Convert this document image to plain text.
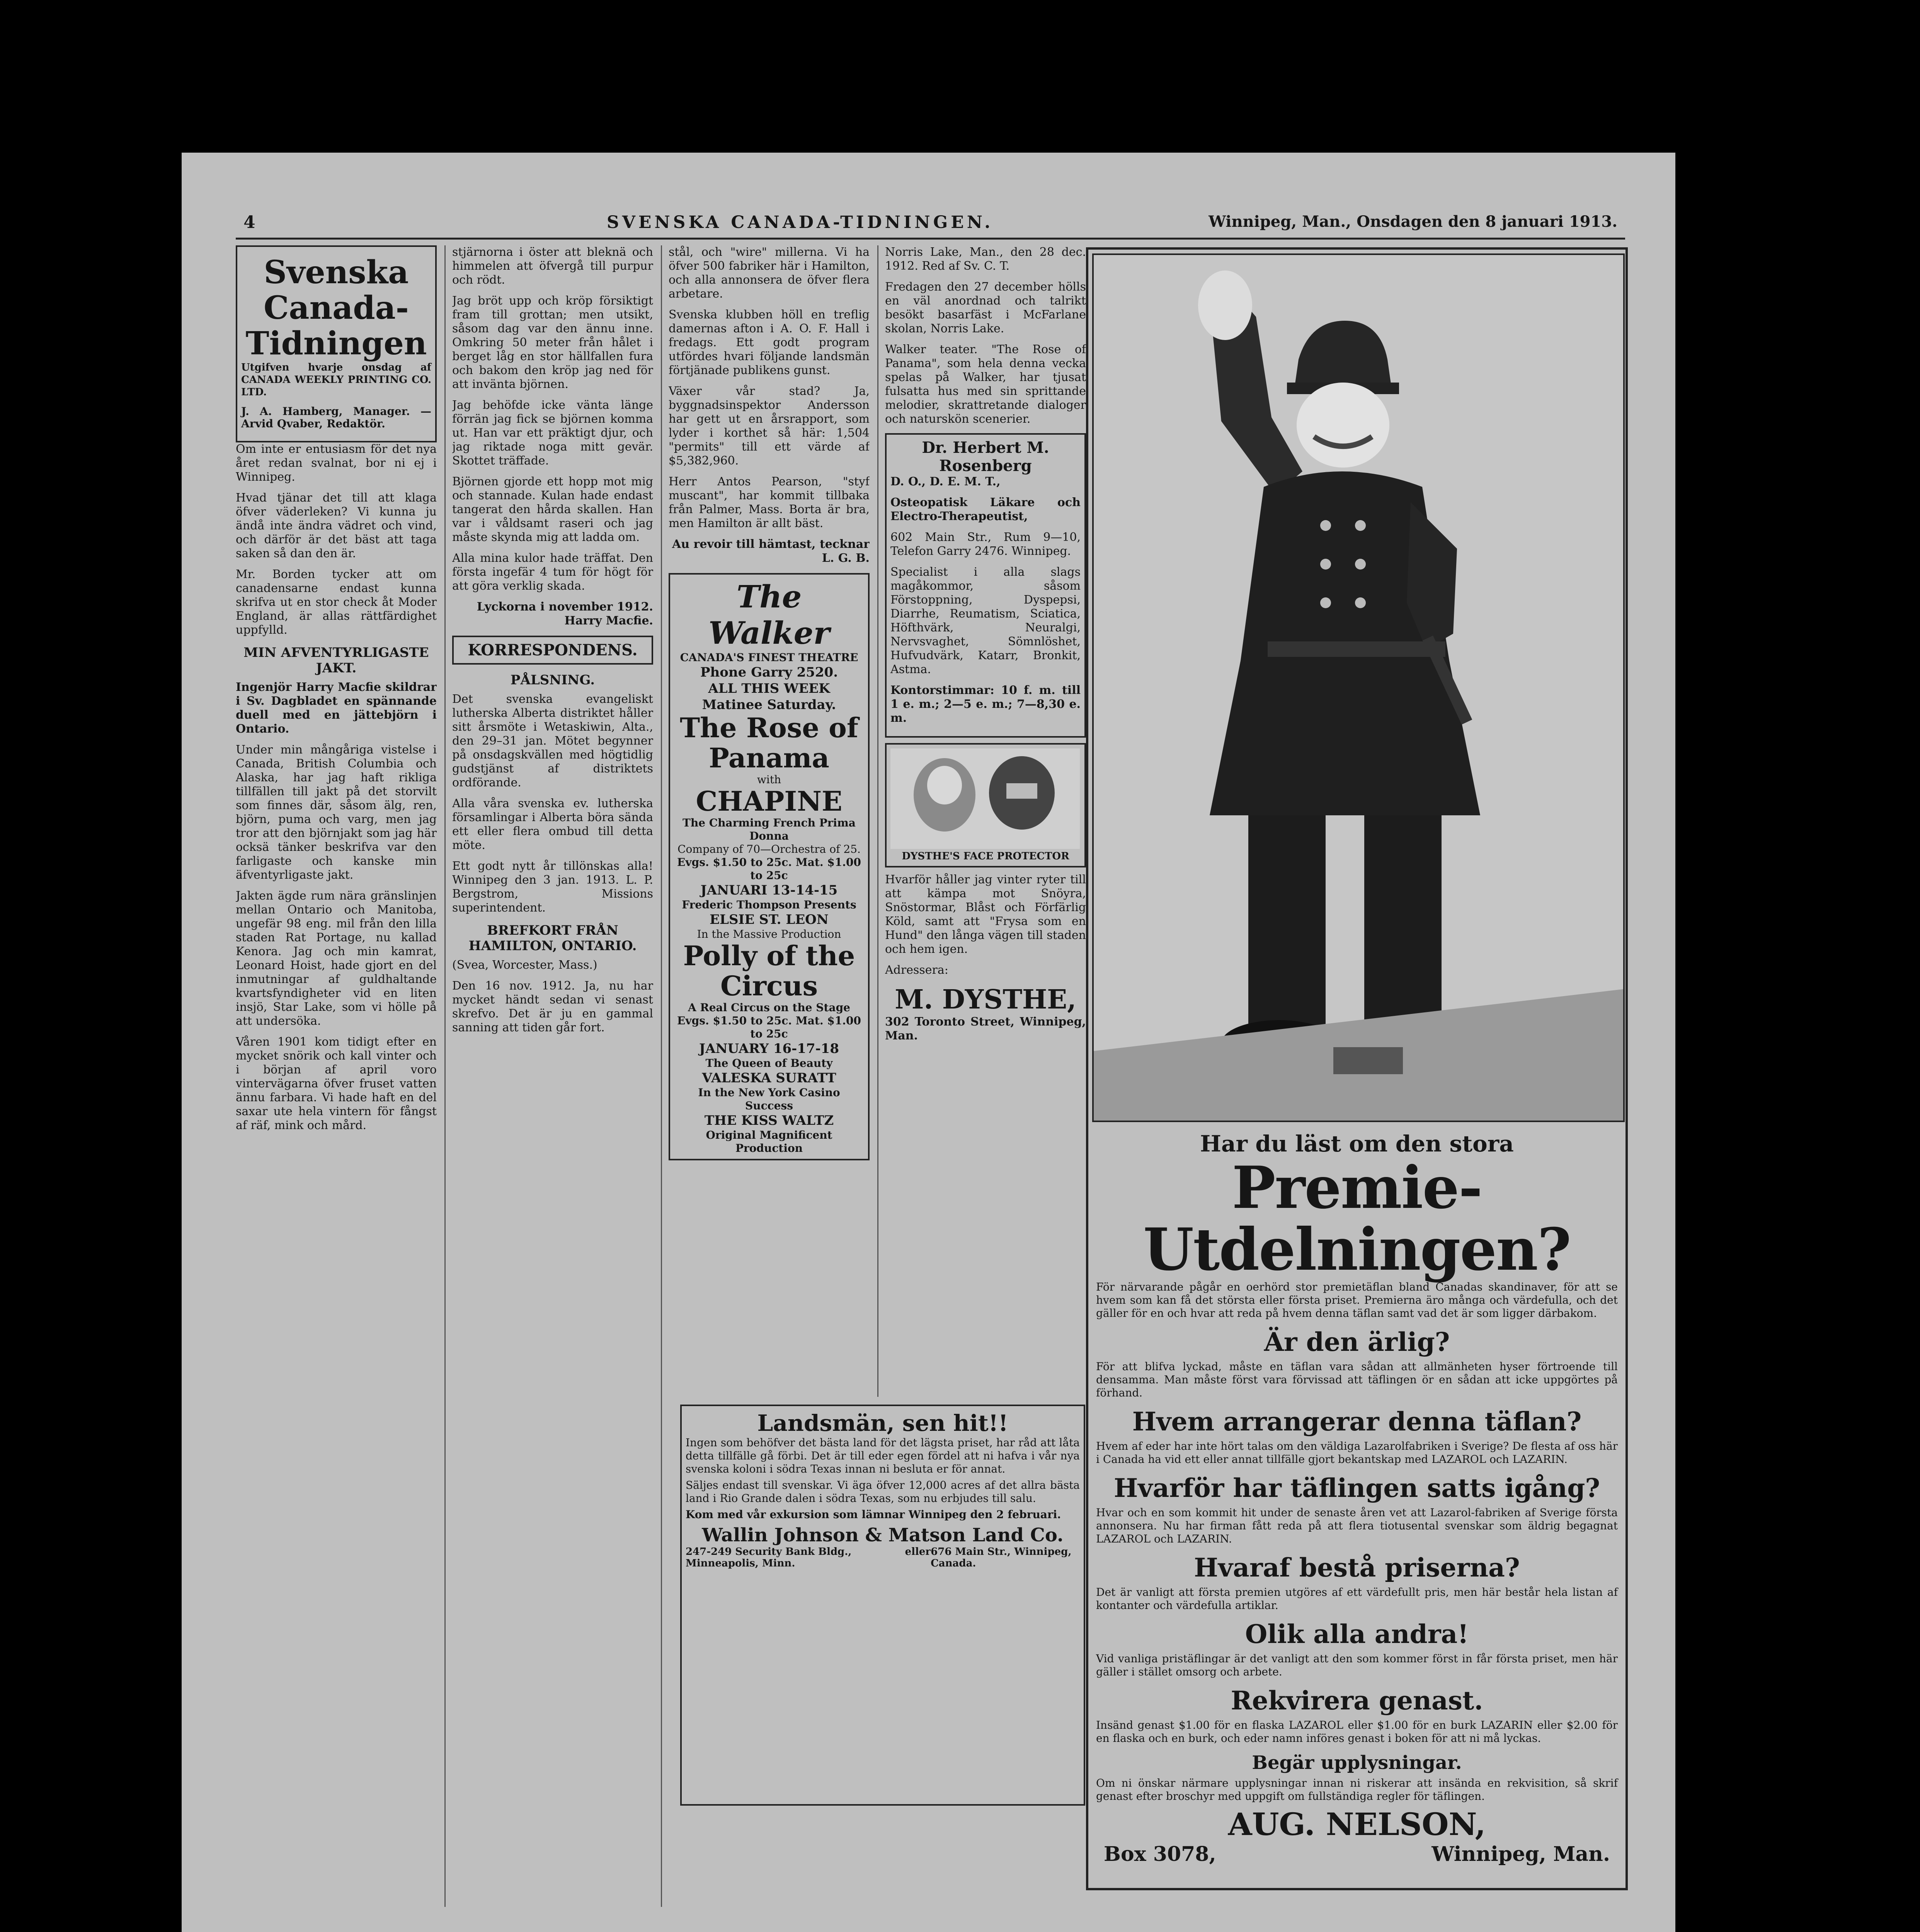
4	SVENSKA CANADA-TIDNINGEN.	Winnipeg, Man., Onsdagen den 8 januari 1913.
Svenska Canada-Tidningen

Utgifven hvarje onsdag af CANADA WEEKLY PRINTING CO. LTD.

J. A. Hamberg, Manager. — Arvid Qvaber, Redaktör.

Om inte er entusiasm för det nya året redan svalnat, bor ni ej i Winnipeg.

Hvad tjänar det till att klaga öfver väderleken? Vi kunna ju ändå inte ändra vädret och vind, och därför är det bäst att taga saken så dan den är.

Mr. Borden tycker att om canadensarne endast kunna skrifva ut en stor check åt Moder England, är allas rättfärdighet uppfylld.

MIN AFVENTYRLIGASTE JAKT.

Ingenjör Harry Macfie skildrar i Sv. Dagbladet en spännande duell med en jättebjörn i Ontario.

Under min mångåriga vistelse i Canada, British Columbia och Alaska, har jag haft rikliga tillfällen till jakt på det storvilt som finnes där, såsom älg, ren, björn, puma och varg, men jag tror att den björnjakt som jag här ocksä tänker beskrifva var den farligaste och kanske min äfventyrligaste jakt.

Jakten ägde rum nära gränslinjen mellan Ontario och Manitoba, ungefär 98 eng. mil från den lilla staden Rat Portage, nu kallad Kenora. Jag och min kamrat, Leonard Hoist, hade gjort en del inmutningar af guldhaltande kvartsfyndigheter vid en liten insjö, Star Lake, som vi hölle på att undersöka.

Våren 1901 kom tidigt efter en mycket snörik och kall vinter och i början af april voro vintervägarna öfver fruset vatten ännu farbara. Vi hade haft en del saxar ute hela vintern för fångst af räf, mink och mård.

stjärnorna i öster att bleknä och himmelen att öfvergå till purpur och rödt.

Jag bröt upp och kröp försiktigt fram till grottan; men utsikt, såsom dag var den ännu inne. Omkring 50 meter från hålet i berget låg en stor hällfallen fura och bakom den kröp jag ned för att invänta björnen.

Jag behöfde icke vänta länge förrän jag fick se björnen komma ut. Han var ett präktigt djur, och jag riktade noga mitt gevär. Skottet träffade.

Björnen gjorde ett hopp mot mig och stannade. Kulan hade endast tangerat den hårda skallen. Han var i våldsamt raseri och jag måste skynda mig att ladda om.

Alla mina kulor hade träffat. Den första ingefär 4 tum för högt för att göra verklig skada.

Lyckorna i november 1912. Harry Macfie.

KORRESPONDENS.
PÅLSNING.

Det svenska evangeliskt lutherska Alberta distriktet håller sitt årsmöte i Wetaskiwin, Alta., den 29–31 jan. Mötet begynner på onsdagskvällen med högtidlig gudstjänst af distriktets ordförande.

Alla våra svenska ev. lutherska församlingar i Alberta böra sända ett eller flera ombud till detta möte.

Ett godt nytt år tillönskas alla! Winnipeg den 3 jan. 1913. L. P. Bergstrom, Missions superintendent.

BREFKORT FRÅN HAMILTON, ONTARIO.

(Svea, Worcester, Mass.)

Den 16 nov. 1912. Ja, nu har mycket händt sedan vi senast skrefvo. Det är ju en gammal sanning att tiden går fort.

stål, och "wire" millerna. Vi ha öfver 500 fabriker här i Hamilton, och alla annonsera de öfver flera arbetare.

Svenska klubben höll en treflig damernas afton i A. O. F. Hall i fredags. Ett godt program utfördes hvari följande landsmän förtjänade publikens gunst.

Växer vår stad? Ja, byggnadsinspektor Andersson har gett ut en årsrapport, som lyder i korthet så här: 1,504 "permits" till ett värde af $5,382,960.

Herr Antos Pearson, "styf muscant", har kommit tillbaka från Palmer, Mass. Borta är bra, men Hamilton är allt bäst.

Au revoir till hämtast, tecknar L. G. B.

The Walker
CANADA'S FINEST THEATRE
Phone Garry 2520.
ALL THIS WEEK
Matinee Saturday.
The Rose of Panama
with
CHAPINE
The Charming French Prima Donna
Company of 70—Orchestra of 25.
Evgs. $1.50 to 25c. Mat. $1.00 to 25c
JANUARI 13-14-15
Frederic Thompson Presents
ELSIE ST. LEON
In the Massive Production
Polly of the Circus
A Real Circus on the Stage
Evgs. $1.50 to 25c. Mat. $1.00 to 25c
JANUARY 16-17-18
The Queen of Beauty
VALESKA SURATT
In the New York Casino Success
THE KISS WALTZ
Original Magnificent Production

Norris Lake, Man., den 28 dec. 1912. Red af Sv. C. T.

Fredagen den 27 december hölls en väl anordnad och talrikt besökt basarfäst i McFarlane skolan, Norris Lake.

Walker teater. "The Rose of Panama", som hela denna vecka spelas på Walker, har tjusat fulsatta hus med sin sprittande melodier, skrattretande dialoger och naturskön scenerier.

Dr. Herbert M. Rosenberg

D. O., D. E. M. T.,

Osteopatisk Läkare och Electro-Therapeutist,

602 Main Str., Rum 9—10, Telefon Garry 2476. Winnipeg.

Specialist i alla slags magåkommor, såsom Förstoppning, Dyspepsi, Diarrhe, Reumatism, Sciatica, Höfthvärk, Neuralgi, Nervsvaghet, Sömnlöshet, Hufvudvärk, Katarr, Bronkit, Astma.

Kontorstimmar: 10 f. m. till 1 e. m.; 2—5 e. m.; 7—8,30 e. m.

DYSTHE'S FACE PROTECTOR

Hvarför håller jag vinter ryter till att kämpa mot Snöyra, Snöstormar, Blåst och Förfärlig Köld, samt att "Frysa som en Hund" den långa vägen till staden och hem igen.

Adressera:

M. DYSTHE,

302 Toronto Street, Winnipeg, Man.

Landsmän, sen hit!!

Ingen som behöfver det bästa land för det lägsta priset, har råd att låta detta tillfälle gå förbi. Det är till eder egen fördel att ni hafva i vår nya svenska koloni i södra Texas innan ni besluta er för annat.

Säljes endast till svenskar. Vi äga öfver 12,000 acres af det allra bästa land i Rio Grande dalen i södra Texas, som nu erbjudes till salu.

Kom med vår exkursion som lämnar Winnipeg den 2 februari.

Wallin Johnson & Matson Land Co.
247-249 Security Bank Bldg., Minneapolis, Minn.
eller 676 Main Str., Winnipeg, Canada.
Har du läst om den stora
Premie-Utdelningen?

För närvarande pågår en oerhörd stor premietäflan bland Canadas skandinaver, för att se hvem som kan få det största eller första priset. Premierna äro många och värdefulla, och det gäller för en och hvar att reda på hvem denna täflan samt vad det är som ligger därbakom.

Är den ärlig?

För att blifva lyckad, måste en täflan vara sådan att allmänheten hyser förtroende till densamma. Man måste först vara förvissad att täflingen ör en sådan att icke uppgörtes på förhand.

Hvem arrangerar denna täflan?

Hvem af eder har inte hört talas om den väldiga Lazarolfabriken i Sverige? De flesta af oss här i Canada ha vid ett eller annat tillfälle gjort bekantskap med LAZAROL och LAZARIN.

Hvarför har täflingen satts igång?

Hvar och en som kommit hit under de senaste åren vet att Lazarol-fabriken af Sverige första annonsera. Nu har firman fått reda på att flera tiotusental svenskar som äldrig begagnat LAZAROL och LAZARIN.

Hvaraf bestå priserna?

Det är vanligt att första premien utgöres af ett värdefullt pris, men här består hela listan af kontanter och värdefulla artiklar.

Olik alla andra!

Vid vanliga pristäflingar är det vanligt att den som kommer först in får första priset, men här gäller i stället omsorg och arbete.

Rekvirera genast.

Insänd genast $1.00 för en flaska LAZAROL eller $1.00 för en burk LAZARIN eller $2.00 för en flaska och en burk, och eder namn införes genast i boken för att ni må lyckas.

Begär upplysningar.

Om ni önskar närmare upplysningar innan ni riskerar att insända en rekvisition, så skrif genast efter broschyr med uppgift om fullständiga regler för täflingen.

AUG. NELSON,
Box 3078,	Winnipeg, Man.
